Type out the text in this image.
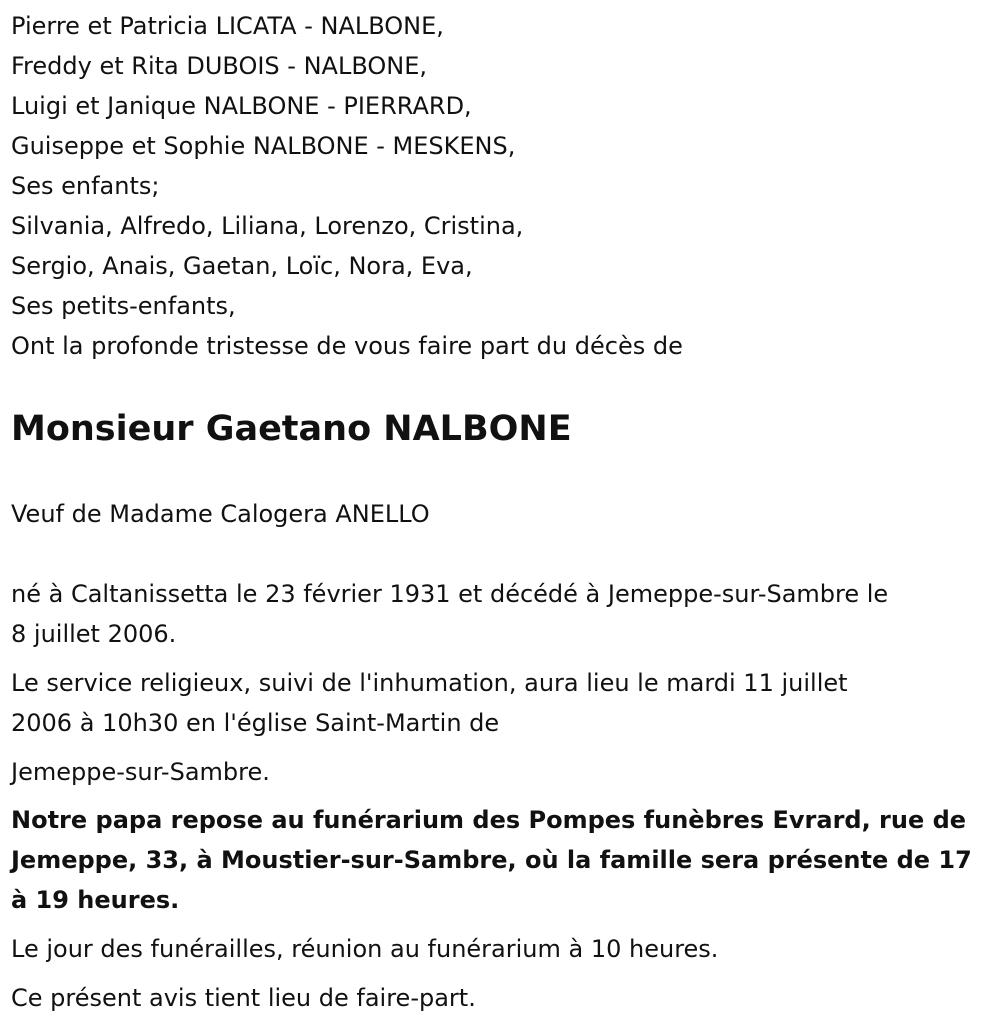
Pierre et Patricia LICATA - NALBONE,

Freddy et Rita DUBOIS - NALBONE,

Luigi et Janique NALBONE - PIERRARD,

Guiseppe et Sophie NALBONE - MESKENS,

Ses enfants;

Silvania, Alfredo, Liliana, Lorenzo, Cristina,

Sergio, Anais, Gaetan, Loïc, Nora, Eva,

Ses petits-enfants,

Ont la profonde tristesse de vous faire part du décès de

Monsieur Gaetano NALBONE

Veuf de Madame Calogera ANELLO

né à Caltanissetta le 23 février 1931 et décédé à Jemeppe-sur-Sambre le
8 juillet 2006.

Le service religieux, suivi de l'inhumation, aura lieu le mardi 11 juillet
2006 à 10h30 en l'église Saint-Martin de

Jemeppe-sur-Sambre.

Notre papa repose au funérarium des Pompes funèbres Evrard, rue de
Jemeppe, 33, à Moustier-sur-Sambre, où la famille sera présente de 17
à 19 heures.

Le jour des funérailles, réunion au funérarium à 10 heures.

Ce présent avis tient lieu de faire-part.
